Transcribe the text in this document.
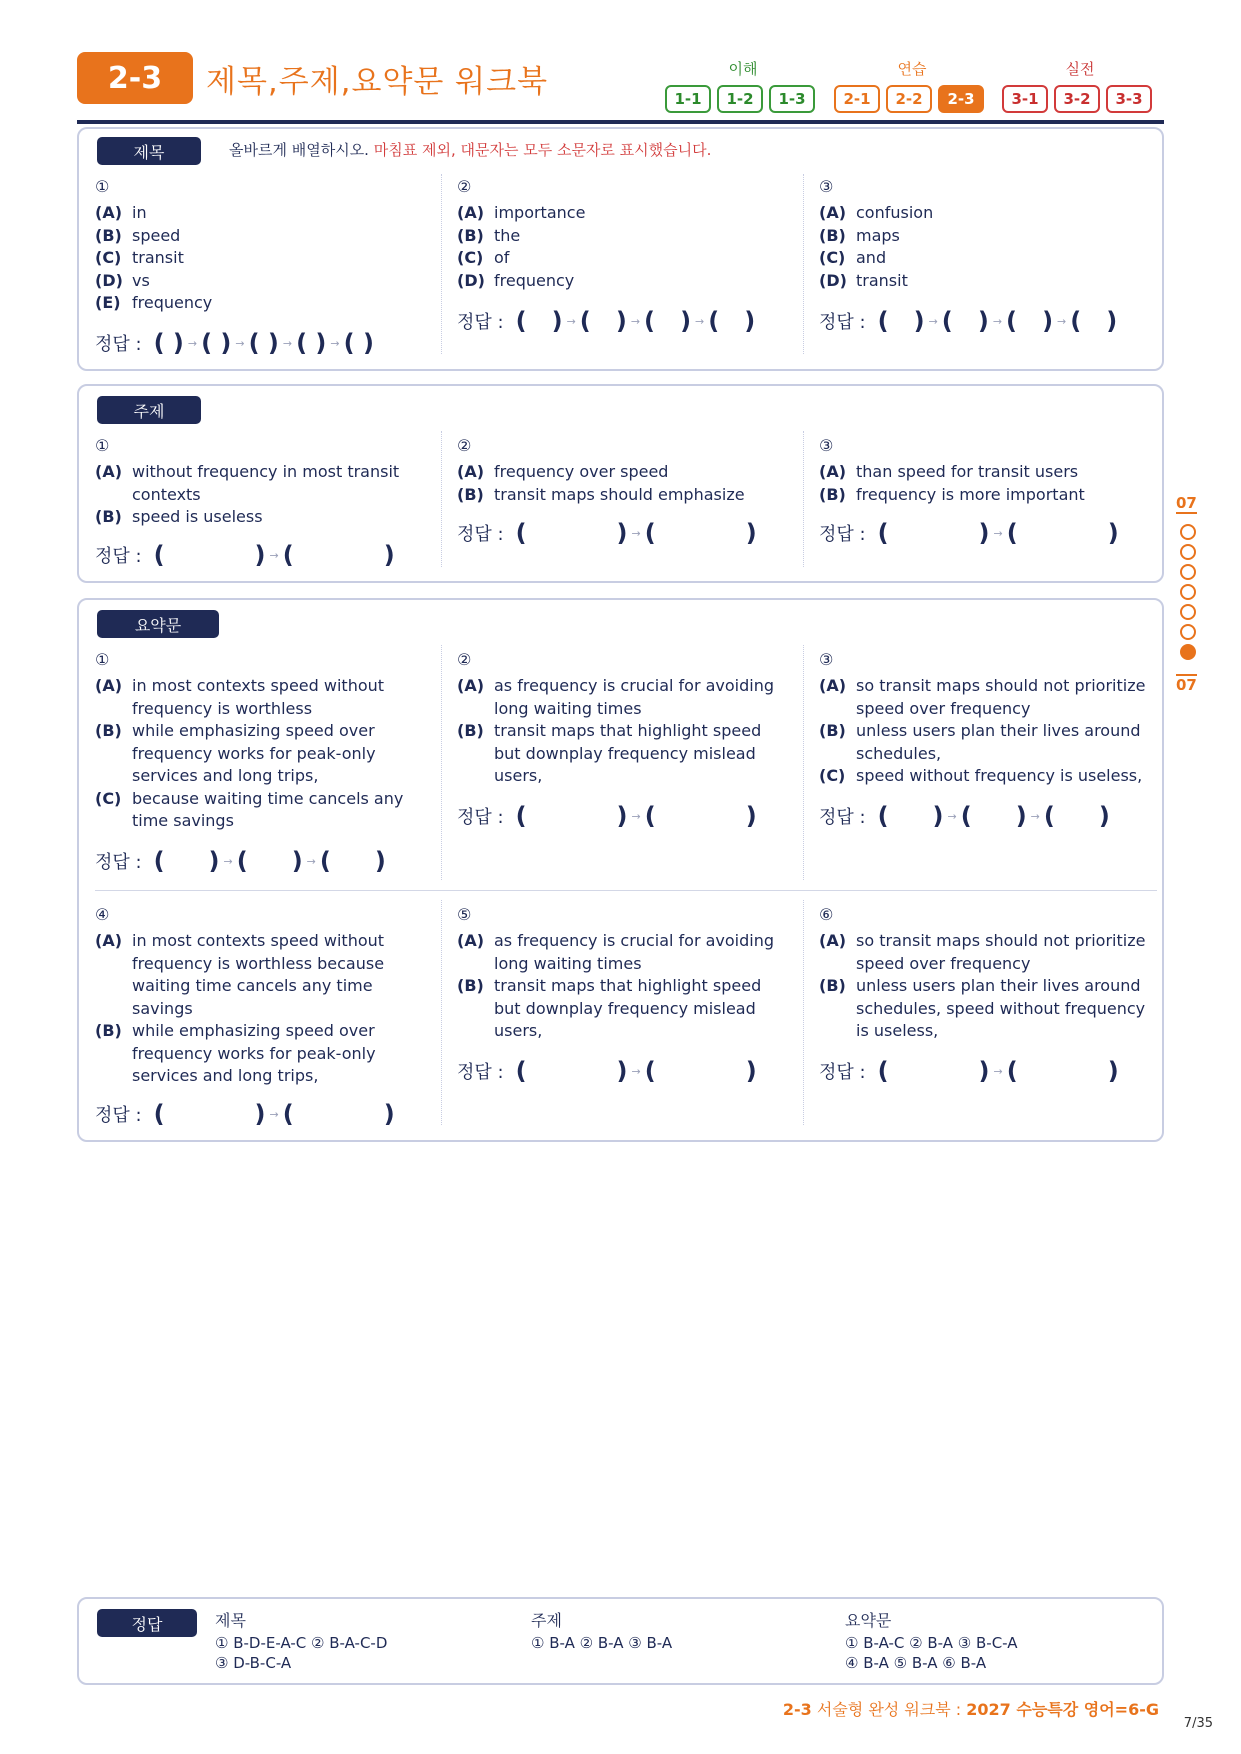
2-3	제목,주제,요약문 워크북	이해
1-1	1-2	1-3
연습
2-1	2-2	2-3
실전
3-1	3-2	3-3
제목	올바르게 배열하시오. 마침표 제외, 대문자는 모두 소문자로 표시했습니다.
①
(A) in
(B) speed
(C) transit
(D) vs
(E) frequency
정답 : ( ) → ( ) → ( ) → ( ) → ( )
②
(A) importance
(B) the
(C) of
(D) frequency
정답 : (   ) → (   ) → (   ) → (   )
③
(A) confusion
(B) maps
(C) and
(D) transit
정답 : (   ) → (   ) → (   ) → (   )
주제
①
(A) without frequency in most transit contexts
(B) speed is useless
정답 : (	) → (	)
②
(A) frequency over speed
(B) transit maps should emphasize
정답 : (	) → (	)
③
(A) than speed for transit users
(B) frequency is more important
정답 : (	) → (	)
요약문
①
(A) in most contexts speed without frequency is worthless
(B) while emphasizing speed over frequency works for peak-only services and long trips,
(C) because waiting time cancels any time savings
정답 : ( ) → ( ) → ( )
②
(A) as frequency is crucial for avoiding long waiting times
(B) transit maps that highlight speed but downplay frequency mislead users,
정답 : (	) → (	)
③
(A) so transit maps should not prioritize speed over frequency
(B) unless users plan their lives around schedules,
(C) speed without frequency is useless,
정답 : ( ) → ( ) → ( )
④
(A) in most contexts speed without frequency is worthless because waiting time cancels any time savings
(B) while emphasizing speed over frequency works for peak-only services and long trips,
정답 : (	) → (	)
⑤
(A) as frequency is crucial for avoiding long waiting times
(B) transit maps that highlight speed but downplay frequency mislead users,
정답 : (	) → (	)
⑥
(A) so transit maps should not prioritize speed over frequency
(B) unless users plan their lives around schedules, speed without frequency is useless,
정답 : (	) → (	)
07
07
정답	제목
① B-D-E-A-C ② B-A-C-D
③ D-B-C-A
주제
① B-A ② B-A ③ B-A
요약문
① B-A-C ② B-A ③ B-C-A
④ B-A ⑤ B-A ⑥ B-A
2-3 서술형 완성 워크북 : 2027 수능특강 영어=6-G
7/35
